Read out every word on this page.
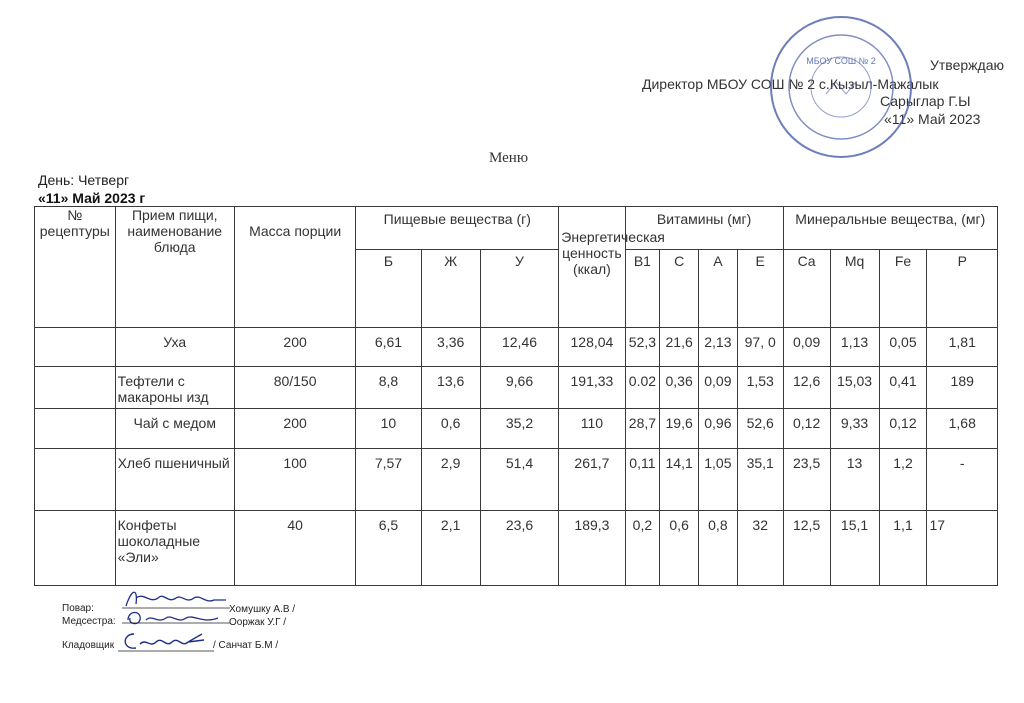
Утверждаю
Директор МБОУ СОШ № 2 с.Кызыл-Мажалык
Сарыглар Г.Ы
«11» Май 2023
МБОУ СОШ № 2
Меню
День: Четверг
«11» Май 2023 г
№ рецептуры	Прием пищи, наименование блюда	Масса порции	Пищевые вещества (г)			Энергетическая ценность (ккал)	Витамины (мг)				Минеральные вещества, (мг)			
			Б	Ж	У		В1	С	А	Е	Ca	Mq	Fe	P
	Уха	200	6,61	3,36	12,46	128,04	52,3	21,6	2,13	97, 0	0,09	1,13	0,05	1,81
	Тефтели с макароны изд	80/150	8,8	13,6	9,66	191,33	0.02	0,36	0,09	1,53	12,6	15,03	0,41	189
	Чай с медом	200	10	0,6	35,2	110	28,7	19,6	0,96	52,6	0,12	9,33	0,12	1,68
	Хлеб пшеничный	100	7,57	2,9	51,4	261,7	0,11	14,1	1,05	35,1	23,5	13	1,2	-
	Конфеты шоколадные «Эли»	40	6,5	2,1	23,6	189,3	0,2	0,6	0,8	32	12,5	15,1	1,1	17
Повар:	Хомушку А.В /
Медсестра:	Ооржак У.Г /
Кладовщик	/ Санчат Б.М /
